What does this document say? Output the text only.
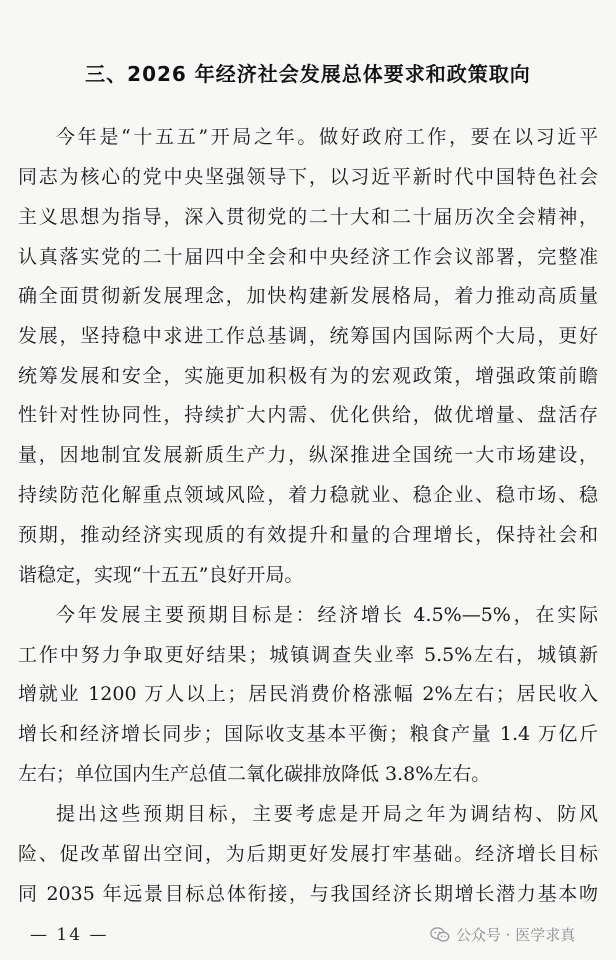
三、2026 年经济社会发展总体要求和政策取向
今年是“十五五”开局之年。做好政府工作，要在以习近平
同志为核心的党中央坚强领导下，以习近平新时代中国特色社会
主义思想为指导，深入贯彻党的二十大和二十届历次全会精神，
认真落实党的二十届四中全会和中央经济工作会议部署，完整准
确全面贯彻新发展理念，加快构建新发展格局，着力推动高质量
发展，坚持稳中求进工作总基调，统筹国内国际两个大局，更好
统筹发展和安全，实施更加积极有为的宏观政策，增强政策前瞻
性针对性协同性，持续扩大内需、优化供给，做优增量、盘活存
量，因地制宜发展新质生产力，纵深推进全国统一大市场建设，
持续防范化解重点领域风险，着力稳就业、稳企业、稳市场、稳
预期，推动经济实现质的有效提升和量的合理增长，保持社会和
谐稳定，实现“十五五”良好开局。
今年发展主要预期目标是：经济增长 4.5%—5%，在实际
工作中努力争取更好结果；城镇调查失业率 5.5%左右，城镇新
增就业 1200 万人以上；居民消费价格涨幅 2%左右；居民收入
增长和经济增长同步；国际收支基本平衡；粮食产量 1.4 万亿斤
左右；单位国内生产总值二氧化碳排放降低 3.8%左右。
提出这些预期目标，主要考虑是开局之年为调结构、防风
险、促改革留出空间，为后期更好发展打牢基础。经济增长目标
同 2035 年远景目标总体衔接，与我国经济长期增长潜力基本吻
— 14 —	公众号 · 医学求真
